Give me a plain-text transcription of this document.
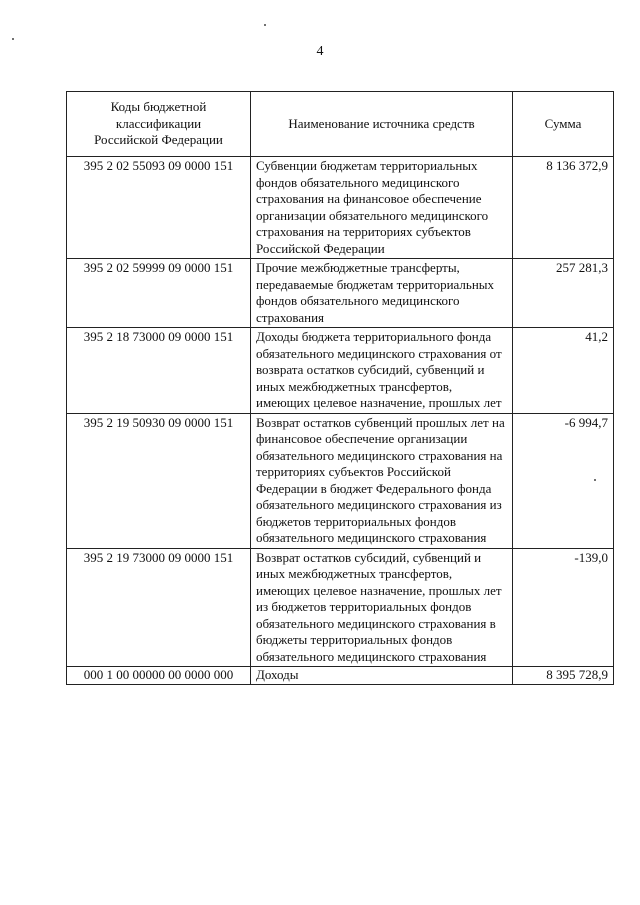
4
Коды бюджетной классификации Российской Федерации	Наименование источника средств	Сумма
395 2 02 55093 09 0000 151	Субвенции бюджетам территориальных фондов обязательного медицинского страхования на финансовое обеспечение организации обязательного медицинского страхования на территориях субъектов Российской Федерации	8 136 372,9
395 2 02 59999 09 0000 151	Прочие межбюджетные трансферты, передаваемые бюджетам территориальных фондов обязательного медицинского страхования	257 281,3
395 2 18 73000 09 0000 151	Доходы бюджета территориального фонда обязательного медицинского страхования от возврата остатков субсидий, субвенций и иных межбюджетных трансфертов, имеющих целевое назначение, прошлых лет	41,2
395 2 19 50930 09 0000 151	Возврат остатков субвенций прошлых лет на финансовое обеспечение организации обязательного медицинского страхования на территориях субъектов Российской Федерации в бюджет Федерального фонда обязательного медицинского страхования из бюджетов территориальных фондов обязательного медицинского страхования	-6 994,7
395 2 19 73000 09 0000 151	Возврат остатков субсидий, субвенций и иных межбюджетных трансфертов, имеющих целевое назначение, прошлых лет из бюджетов территориальных фондов обязательного медицинского страхования в бюджеты территориальных фондов обязательного медицинского страхования	-139,0
000 1 00 00000 00 0000 000	Доходы	8 395 728,9
